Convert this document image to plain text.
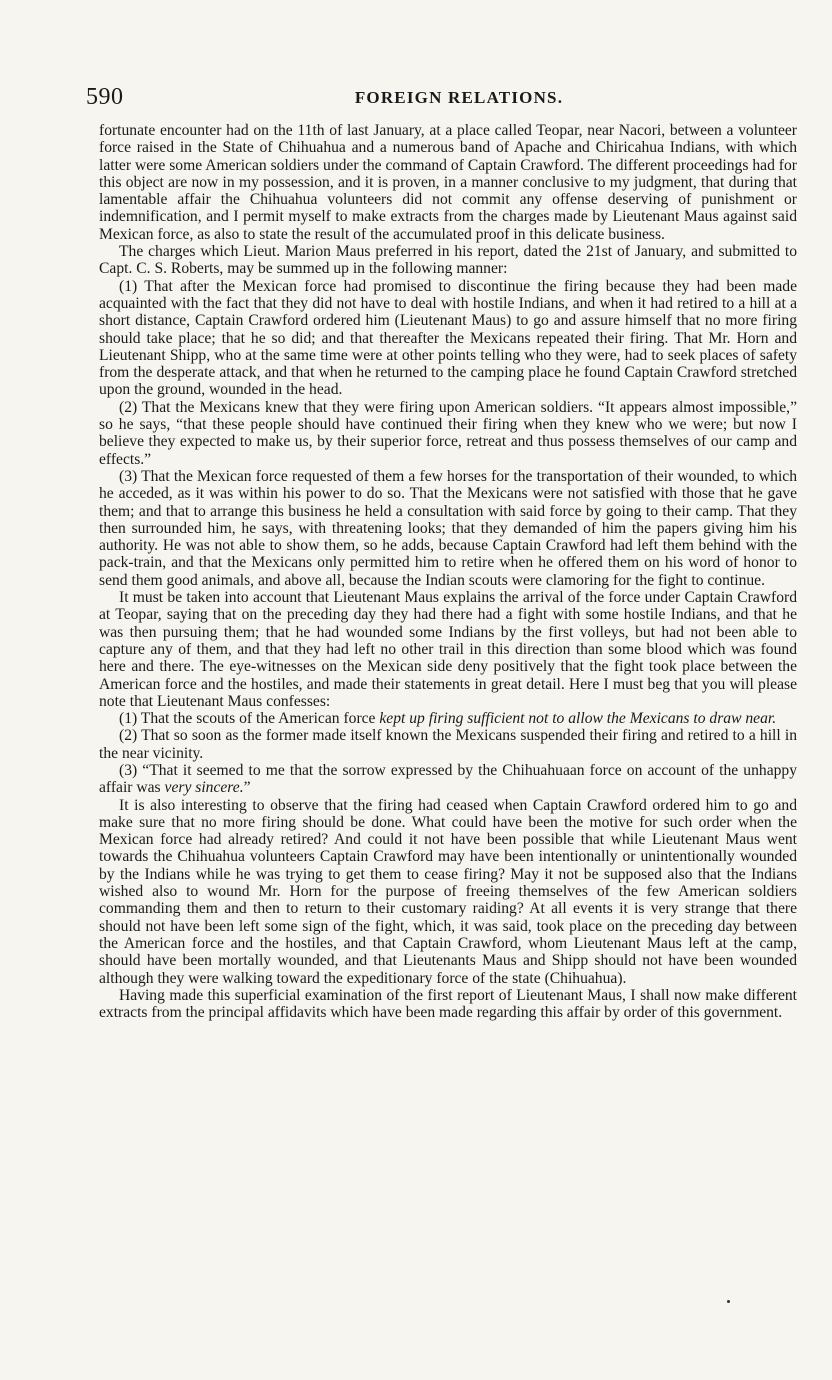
590	FOREIGN RELATIONS.

fortunate encounter had on the 11th of last January, at a place called Teopar, near Nacori, between a volunteer force raised in the State of Chihuahua and a numerous band of Apache and Chiricahua Indians, with which latter were some American soldiers under the command of Captain Crawford. The different proceedings had for this object are now in my possession, and it is proven, in a manner conclusive to my judgment, that during that lamentable affair the Chihuahua volunteers did not commit any offense deserving of punishment or indemnification, and I permit myself to make extracts from the charges made by Lieutenant Maus against said Mexican force, as also to state the result of the accumulated proof in this delicate business.

The charges which Lieut. Marion Maus preferred in his report, dated the 21st of January, and submitted to Capt. C. S. Roberts, may be summed up in the following manner:

(1) That after the Mexican force had promised to discontinue the firing because they had been made acquainted with the fact that they did not have to deal with hostile Indians, and when it had retired to a hill at a short distance, Captain Crawford ordered him (Lieutenant Maus) to go and assure himself that no more firing should take place; that he so did; and that thereafter the Mexicans repeated their firing. That Mr. Horn and Lieutenant Shipp, who at the same time were at other points telling who they were, had to seek places of safety from the desperate attack, and that when he returned to the camping place he found Captain Crawford stretched upon the ground, wounded in the head.

(2) That the Mexicans knew that they were firing upon American soldiers. “It appears almost impossible,” so he says, “that these people should have continued their firing when they knew who we were; but now I believe they expected to make us, by their superior force, retreat and thus possess themselves of our camp and effects.”

(3) That the Mexican force requested of them a few horses for the transportation of their wounded, to which he acceded, as it was within his power to do so. That the Mexicans were not satisfied with those that he gave them; and that to arrange this business he held a consultation with said force by going to their camp. That they then surrounded him, he says, with threatening looks; that they demanded of him the papers giving him his authority. He was not able to show them, so he adds, because Captain Crawford had left them behind with the pack-train, and that the Mexicans only permitted him to retire when he offered them on his word of honor to send them good animals, and above all, because the Indian scouts were clamoring for the fight to continue.

It must be taken into account that Lieutenant Maus explains the arrival of the force under Captain Crawford at Teopar, saying that on the preceding day they had there had a fight with some hostile Indians, and that he was then pursuing them; that he had wounded some Indians by the first volleys, but had not been able to capture any of them, and that they had left no other trail in this direction than some blood which was found here and there. The eye-witnesses on the Mexican side deny positively that the fight took place between the American force and the hostiles, and made their statements in great detail. Here I must beg that you will please note that Lieutenant Maus confesses:

(1) That the scouts of the American force kept up firing sufficient not to allow the Mexicans to draw near.

(2) That so soon as the former made itself known the Mexicans suspended their firing and retired to a hill in the near vicinity.

(3) “That it seemed to me that the sorrow expressed by the Chihuahuaan force on account of the unhappy affair was very sincere.”

It is also interesting to observe that the firing had ceased when Captain Crawford ordered him to go and make sure that no more firing should be done. What could have been the motive for such order when the Mexican force had already retired? And could it not have been possible that while Lieutenant Maus went towards the Chihuahua volunteers Captain Crawford may have been intentionally or unintentionally wounded by the Indians while he was trying to get them to cease firing? May it not be supposed also that the Indians wished also to wound Mr. Horn for the purpose of freeing themselves of the few American soldiers commanding them and then to return to their customary raiding? At all events it is very strange that there should not have been left some sign of the fight, which, it was said, took place on the preceding day between the American force and the hostiles, and that Captain Crawford, whom Lieutenant Maus left at the camp, should have been mortally wounded, and that Lieutenants Maus and Shipp should not have been wounded although they were walking toward the expeditionary force of the state (Chihuahua).

Having made this superficial examination of the first report of Lieutenant Maus, I shall now make different extracts from the principal affidavits which have been made regarding this affair by order of this government.
